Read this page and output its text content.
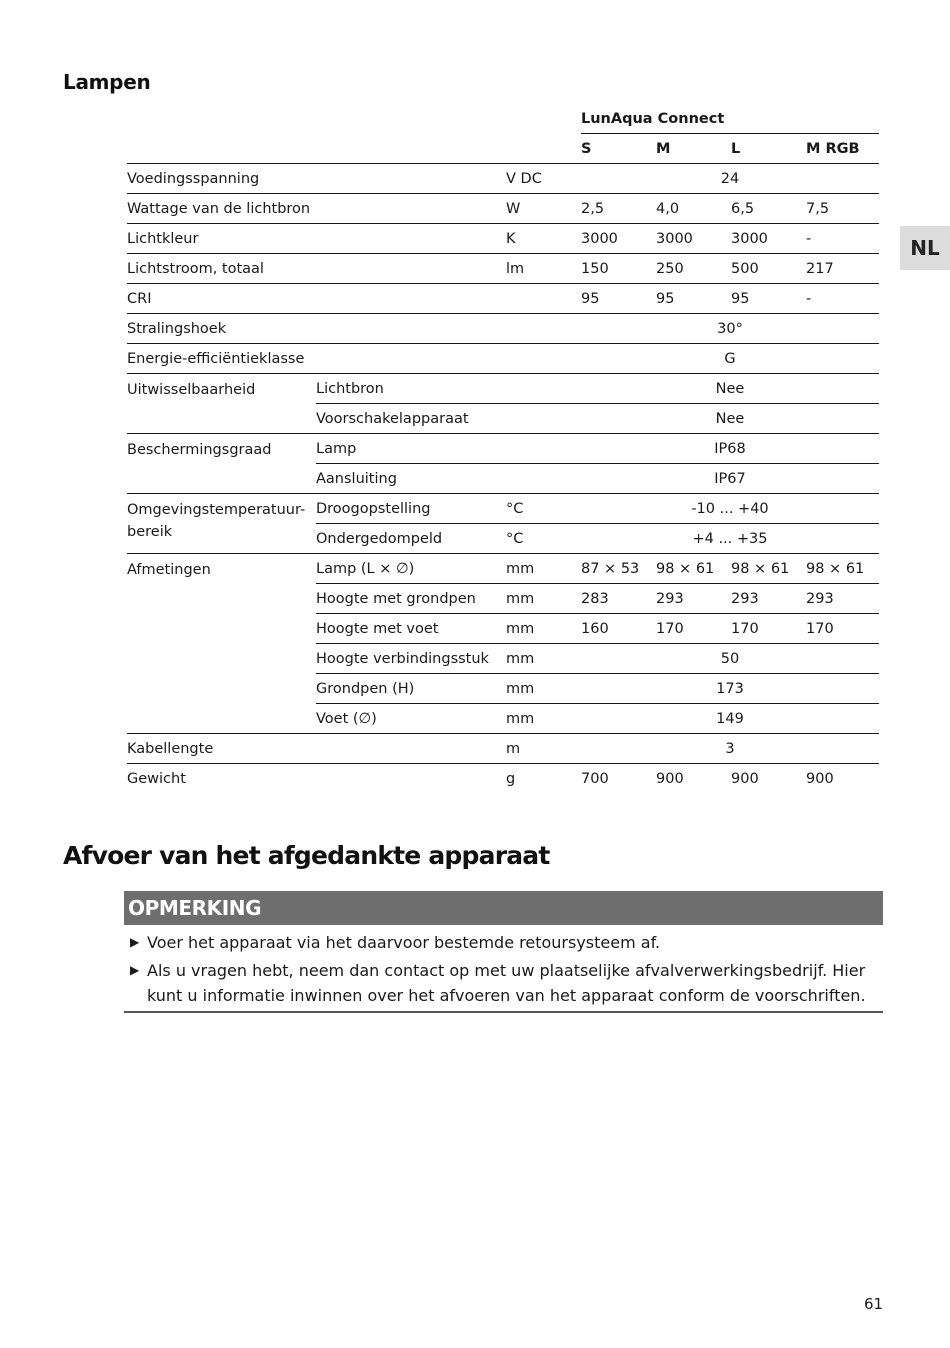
Lampen
NL
			LunAqua Connect			
			S	M	L	M RGB
Voedingsspanning		V DC	24			
Wattage van de lichtbron		W	2,5	4,0	6,5	7,5
Lichtkleur		K	3000	3000	3000	-
Lichtstroom, totaal		lm	150	250	500	217
CRI			95	95	95	-
Stralingshoek			30°			
Energie-efficiëntieklasse			G			
Uitwisselbaarheid	Lichtbron		Nee			
	Voorschakelapparaat		Nee			
Beschermingsgraad	Lamp		IP68			
	Aansluiting		IP67			
Omgevingstemperatuur-bereik	Droogopstelling	°C	-10 ... +40			
	Ondergedompeld	°C	+4 ... +35			
Afmetingen	Lamp (L × ∅)	mm	87 × 53	98 × 61	98 × 61	98 × 61
	Hoogte met grondpen	mm	283	293	293	293
	Hoogte met voet	mm	160	170	170	170
	Hoogte verbindingsstuk	mm	50			
	Grondpen (H)	mm	173			
	Voet (∅)	mm	149			
Kabellengte		m	3			
Gewicht		g	700	900	900	900
Afvoer van het afgedankte apparaat
OPMERKING
▶ Voer het apparaat via het daarvoor bestemde retoursysteem af.
▶ Als u vragen hebt, neem dan contact op met uw plaatselijke afvalverwerkingsbedrijf. Hier kunt u informatie inwinnen over het afvoeren van het apparaat conform de voorschriften.
61
